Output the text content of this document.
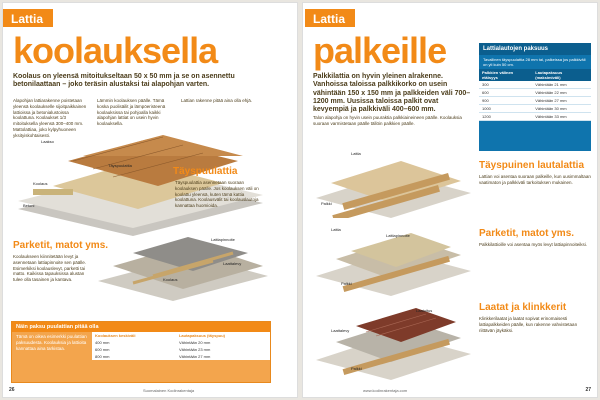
Lattia
koolauksella
Koolaus on yleensä mitoitukseltaan 50 x 50 mm ja se on asennettu betonilaattaan – joko teräsin alustaksi tai alapohjan varten.
Alapohjan lattiarakenne poistetaan yleensä koolaukselle sijoitpaikkainen lattioissa ja betonialustoissa koolattuna. Koolaukset 1/3 mitoituksella yleensä 300–400 mm. Mattolattiaa, joko kylpyhuoneen yksityiskohtaisesti.
Lämmin koolauksen päälle. Tämä koska puolisäilit ja lämpöeristeenä koolauksissa tai pohjoalla kaikki alapohjan lattiat on usein hyvin koolauksella.
Lattian rakenne pitää aina olla ehjä.
Laakso
Täyspuulattia
Koolaus
Betoni
Täyspuulattia
Täyspuulattia asennetaan suoraan koolauksen päälle. Jos koolauksen väli on koolattu yleensä, kuten tämä kattia koolattuna. Koolausvälit tai koolauslautoja kannattaa huomioida.
Lattiapinnoite
Laattalevy
Koolaus
Parketit, matot yms.
Koolaukseen kiinnitetään levyt ja asennetaan lattiapinnoite sen päälle. Esimerkiksi koolauslevyt, parketti tai matto. Kaikissa tapauksissa alustan tulee olla tasainen ja kantava.
Näin paksu puulattian pitää olla
Tämä on oikea esimerkki puulattian paksuudesta. Koolauksia ja lattioita kannattaa aina tarkistaa.
Koolauksen keskiväli	Lautapaksuus (täyspuu)
400 mm	Vähintään 20 mm
600 mm	Vähintään 23 mm
800 mm	Vähintään 27 mm
26	Suomalainen Kodinrakentaja
Lattia
palkeille
Palkkilattia on hyvin yleinen alrakenne. Vanhoissa taloissa palkkikorko on usein vähintään 150 x 150 mm ja palkkeiden väli 700–1200 mm. Uusissa taloissa palkit ovat kevyempiä ja palkkiväli 400–600 mm.
Talon alapohja on hyvin usein puuraktia palkkiaineineen päälle. Koolauksia suoraan varmistetaan päälle tällöin palkkien päälle.
Lattialautojen paksuus
Tavallinen täyspuulattia 28 mm tai, palkeissa jos palkkiväli on yli kuin 50 cm.
Palkkien välinen etäisyys	Lautapaksuus (maksimiväli)
300	Vähintään 21 mm
600	Vähintään 22 mm
900	Vähintään 27 mm
1000	Vähintään 30 mm
1200	Vähintään 33 mm
Lattia
Palkki
Täyspuinen lautalattia
Lattian voi asentaa suoraan palkeille, kun uusimmaltaan vaatimaton ja palkkiväli tarkoituksen mukainen.
Lattia
Lattiapinnoite
Palkki
Parketit, matot yms.
Palkkilattioille voi asentaa myös levyt lattiapinnoiteiksi.
Laatoitus
Laattalevy
Palkki
Laatat ja klinkkerit
Klinkkerilaatat ja laatat sopivat erinomaisesti lattiapalkkeiden päälle, kun rakenne vahvistetaan riittävän jäykäksi.
27
www.kodinrakentaja.com
